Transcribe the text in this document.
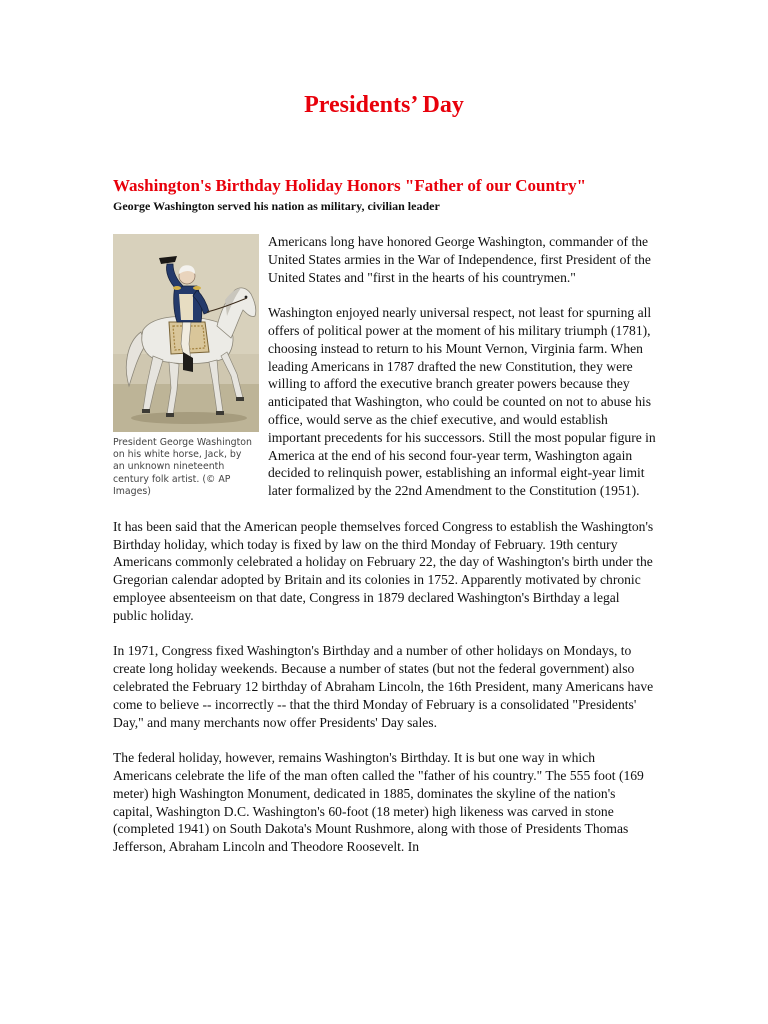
Presidents’ Day
Washington's Birthday Holiday Honors "Father of our Country"

George Washington served his nation as military, civilian leader

President George Washington on his white horse, Jack, by an unknown nineteenth century folk artist. (© AP Images)

Americans long have honored George Washington, commander of the United States armies in the War of Independence, first President of the United States and "first in the hearts of his countrymen."

Washington enjoyed nearly universal respect, not least for spurning all offers of political power at the moment of his military triumph (1781), choosing instead to return to his Mount Vernon, Virginia farm. When leading Americans in 1787 drafted the new Constitution, they were willing to afford the executive branch greater powers because they anticipated that Washington, who could be counted on not to abuse his office, would serve as the chief executive, and would establish important precedents for his successors. Still the most popular figure in America at the end of his second four-year term, Washington again decided to relinquish power, establishing an informal eight-year limit later formalized by the 22nd Amendment to the Constitution (1951).

It has been said that the American people themselves forced Congress to establish the Washington's Birthday holiday, which today is fixed by law on the third Monday of February. 19th century Americans commonly celebrated a holiday on February 22, the day of Washington's birth under the Gregorian calendar adopted by Britain and its colonies in 1752. Apparently motivated by chronic employee absenteeism on that date, Congress in 1879 declared Washington's Birthday a legal public holiday.

In 1971, Congress fixed Washington's Birthday and a number of other holidays on Mondays, to create long holiday weekends. Because a number of states (but not the federal government) also celebrated the February 12 birthday of Abraham Lincoln, the 16th President, many Americans have come to believe -- incorrectly -- that the third Monday of February is a consolidated "Presidents' Day," and many merchants now offer Presidents' Day sales.

The federal holiday, however, remains Washington's Birthday. It is but one way in which Americans celebrate the life of the man often called the "father of his country." The 555 foot (169 meter) high Washington Monument, dedicated in 1885, dominates the skyline of the nation's capital, Washington D.C. Washington's 60-foot (18 meter) high likeness was carved in stone (completed 1941) on South Dakota's Mount Rushmore, along with those of Presidents Thomas Jefferson, Abraham Lincoln and Theodore Roosevelt. In
